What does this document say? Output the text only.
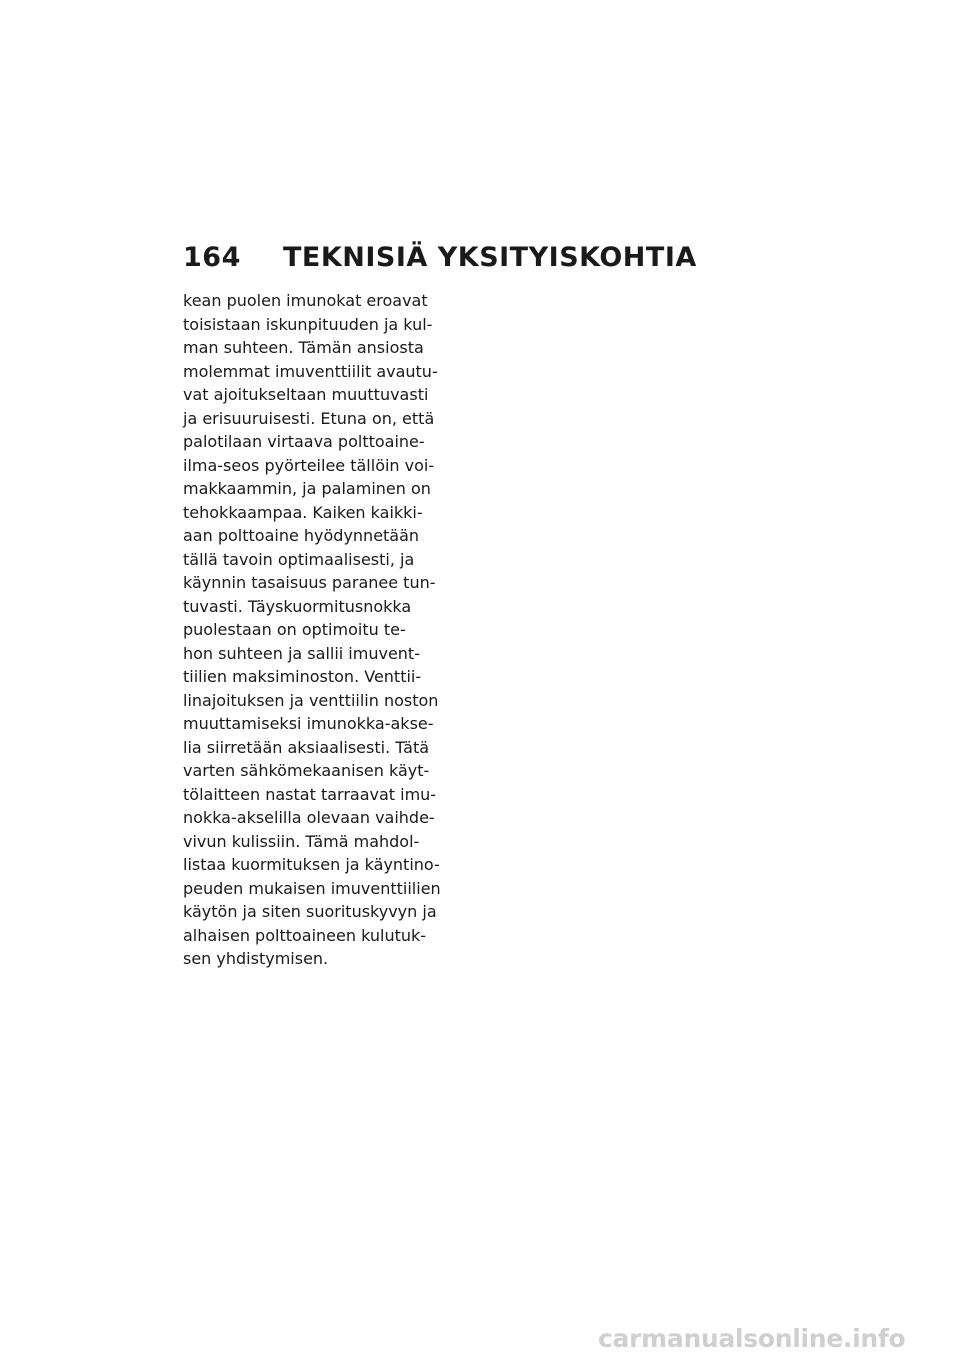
164	TEKNISIÄ YKSITYISKOHTIA

kean puolen imunokat eroavat
toisistaan iskunpituuden ja kul-
man suhteen. Tämän ansiosta
molemmat imuventtiilit avautu-
vat ajoitukseltaan muuttuvasti
ja erisuuruisesti. Etuna on, että
palotilaan virtaava polttoaine-
ilma-seos pyörteilee tällöin voi-
makkaammin, ja palaminen on
tehokkaampaa. Kaiken kaikki-
aan polttoaine hyödynnetään
tällä tavoin optimaalisesti, ja
käynnin tasaisuus paranee tun-
tuvasti. Täyskuormitusnokka
puolestaan on optimoitu te-
hon suhteen ja sallii imuvent-
tiilien maksiminoston. Venttii-
linajoituksen ja venttiilin noston
muuttamiseksi imunokka-akse-
lia siirretään aksiaalisesti. Tätä
varten sähkömekaanisen käyt-
tölaitteen nastat tarraavat imu-
nokka-akselilla olevaan vaihde-
vivun kulissiin. Tämä mahdol-
listaa kuormituksen ja käyntino-
peuden mukaisen imuventtiilien
käytön ja siten suorituskyvyn ja
alhaisen polttoaineen kulutuk-
sen yhdistymisen.

carmanualsonline.info
